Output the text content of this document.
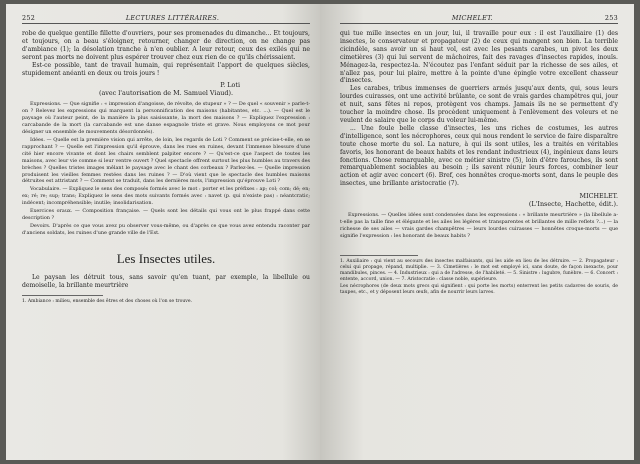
252	LECTURES LITTÉRAIRES.

robe de quelque gentille fillette d'ouvriers, pour ses promenades du dimanche... Et toujours, et toujours, on a beau s'éloigner, retourner, changer de direction, on ne change pas d'ambiance (1); la désolation tranche à n'en oublier. A leur retour, ceux des exilés qui ne seront pas morts ne doivent plus espérer trouver chez eux rien de ce qu'ils chérissaient.

Est-ce possible, tant de travail humain, qui représentait l'apport de quelques siècles, stupidement anéanti en deux ou trois jours !

P. Loti
(avec l'autorisation de M. Samuel Viaud).

Expressions. — Que signifie : « impression d'angoisse, de révolte, de stupeur » ? — De quel « souvenir » parle-t-on ? Relevez les expressions qui marquent la personnification des maisons (habitantes, etc. ...). — Quel est le paysage où l'auteur peint, de la manière la plus saisissante, la mort des maisons ? — Expliquez l'expression : carcabande de la mort (la carcabande est une danse espagnole triste et grave. Nous employons ce mot pour désigner un ensemble de mouvements désordonnés).

Idées. — Quelle est la première vision qui arrête, de loin, les regards de Loti ? Comment se précise-t-elle, en se rapprochant ? — Quelle est l'impression qu'il éprouve, dans les rues en ruines, devant l'immense blessure d'une cité hier encore vivante et dont les chairs semblent palpiter encore ? — Qu'est-ce que l'aspect de toutes les maisons, avec leur vie comme si leur ventre ouvert ? Quel spectacle offrent surtout les plus humbles au travers des brèches ? Quelles tristes images mêlant le paysage avec le chant des corbeaux ? Parlez-les. — Quelle impression produisent les vieilles femmes restées dans les ruines ? — D'où vient que le spectacle des humbles maisons détruites est attristant ? — Comment se traduit, dans les dernières mots, l'impression qu'éprouve Loti ?

Vocabulaire. — Expliquez le sens des composés formés avec le mot : porter et les préfixes : ap; col; com; dé; en; ex; ré; re; sup; trans; Expliquez le sens des mots suivants formés avec : navet (p. qui n'existe pas) : néantcratic; indécent; incompréhensible; inutile; insolidarisation.

Exercices oraux. — Composition française. — Quels sont les détails qui vous ont le plus frappé dans cette description ?

Devoirs. D'après ce que vous avez pu observer vous-même, ou d'après ce que vous avez entendu raconter par d'anciens soldats, les ruines d'une grande ville de l'Est.

Les Insectes utiles.

Le paysan les détruit tous, sans savoir qu'en tuant, par exemple, la libellule ou demoiselle, la brillante meurtrière

1. Ambiance : milieu, ensemble des êtres et des choses où l'on se trouve.
MICHELET.	253

qui tue mille insectes en un jour, lui, il travaille pour eux : il est l'auxiliaire (1) des insectes, le conservateur et propagateur (2) de ceux qui mangent son bien. La terrible cicindèle, sans avoir un si haut vol, est avec les pesants carabes, un pivot les deux cimetières (3) qui lui servent de mâchoires, fait des ravages d'insectes rapides, inouïs. Ménagez-la, respectez-la. N'écoutez pas l'enfant séduit par la richesse de ses ailes, et n'allez pas, pour lui plaire, mettre à la pointe d'une épingle votre excellent chasseur d'insectes.

Les carabes, tribus immenses de guerriers armés jusqu'aux dents, qui, sous leurs lourdes cuirasses, ont une activité brûlante, ce sont de vrais gardes champêtres qui, jour et nuit, sans fêtes ni repos, protègent vos champs. Jamais ils ne se permettent d'y toucher la moindre chose. Ils procèdent uniquement à l'enlèvement des voleurs et ne veulent de salaire que le corps du voleur lui-même.

... Une foule belle classe d'insectes, les uns riches de costumes, les autres d'intelligence, sont les nécrophores, ceux qui nous rendent le service de faire disparaître toute chose morte du sol. La nature, à qui ils sont utiles, les a traités en véritables favoris, les honorant de beaux habits et les rendant industrieux (4), ingénieux dans leurs fonctions. Chose remarquable, avec ce métier sinistre (5), loin d'être farouches, ils sont remarquablement sociables au besoin ; ils savent réunir leurs forces, combiner leur action et agir avec concert (6). Bref, ces honnêtes croque-morts sont, dans le peuple des insectes, une brillante aristocratie (7).

MICHELET.
(L'Insecte, Hachette, édit.).

Expressions. — Quelles idées sont condensées dans les expressions : « brillante meurtrière » (la libellule a-t-elle pas la taille fine et élégante et les ailes les légères et transparentes et brillantes de mille reflets ?...) — la richesse de ses ailes — vrais gardes champêtres — leurs lourdes cuirasses — honnêtes croque-morts — que signifie l'expression : les honorant de beaux habits ?

1. Auxiliaire : qui vient au secours des insectes malfaisants, qui les aide en lieu de les détruire. — 2. Propagateur : celui qui propage, répand, multiplie. — 3. Cimetières : le mot est employé ici, sans doute, de façon inexacte, pour mandibules, pinces. — 4. Industrieux : qui a de l'adresse, de l'habileté. — 5. Sinistre : lugubre, funèbre. — 6. Concert : entente, accord, union. — 7. Aristocratie : classe noble, supérieure.
Les nécrophores (de deux mots grecs qui signifient : qui porte les morts) enterrent les petits cadavres de souris, de taupes, etc., et y déposent leurs œufs, afin de nourrir leurs larves.
